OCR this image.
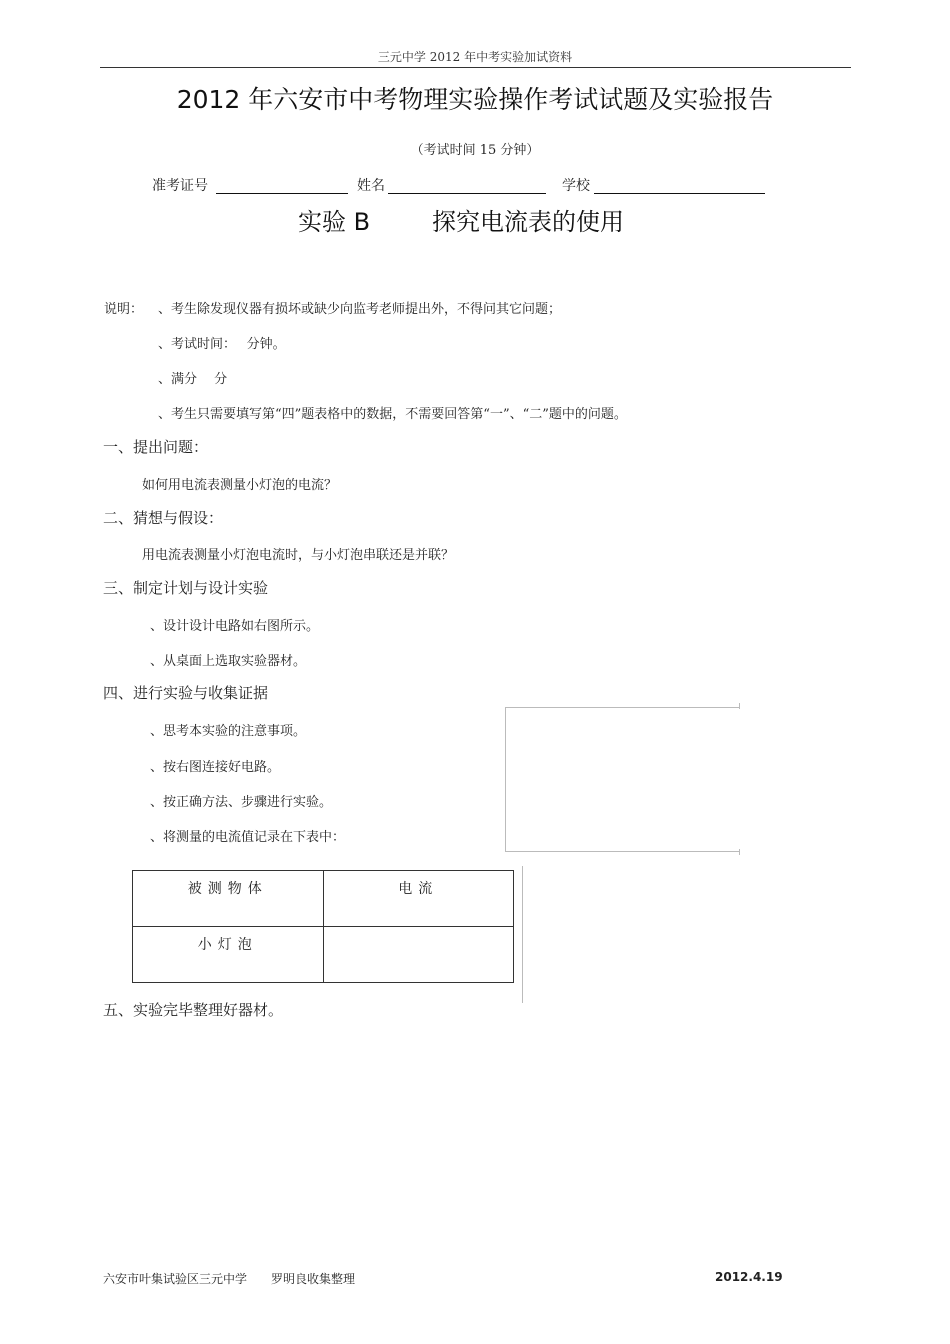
三元中学 2012 年中考实验加试资料
2012 年六安市中考物理实验操作考试试题及实验报告
（考试时间 15 分钟）
准考证号	姓名	学校
实验 B	探究电流表的使用
说明： 、考生除发现仪器有损坏或缺少向监考老师提出外，不得问其它问题；
、考试时间：　 分钟。
、满分　 分
、考生只需要填写第“四”题表格中的数据，不需要回答第“一”、“二”题中的问题。
一、提出问题：
如何用电流表测量小灯泡的电流？
二、猜想与假设：
用电流表测量小灯泡电流时，与小灯泡串联还是并联？
三、制定计划与设计实验
、设计设计电路如右图所示。
、从桌面上选取实验器材。
四、进行实验与收集证据
、思考本实验的注意事项。
、按右图连接好电路。
、按正确方法、步骤进行实验。
、将测量的电流值记录在下表中：
被测物体	电流
小灯泡	
五、实验完毕整理好器材。
六安市叶集试验区三元中学　　罗明良收集整理	2012.4.19
